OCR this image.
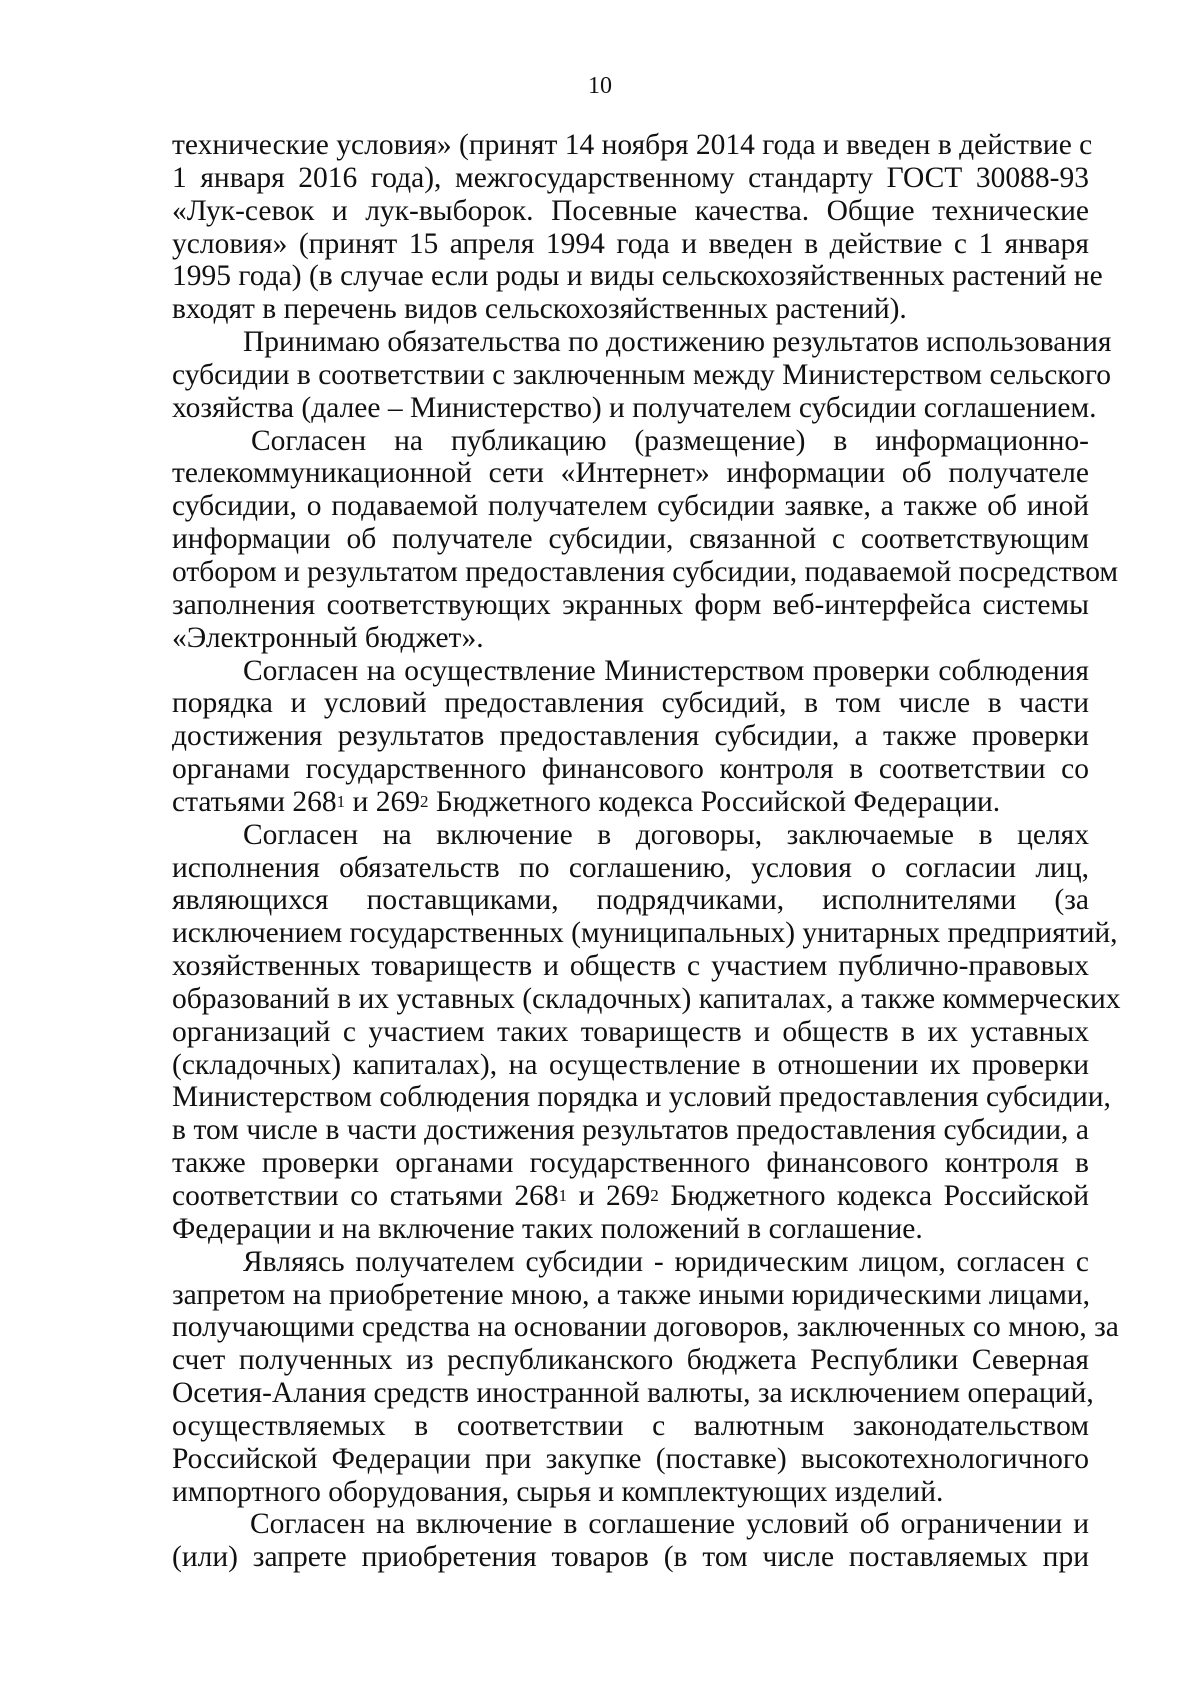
10
технические условия» (принят 14 ноября 2014 года и введен в действие с
1 января 2016 года), межгосударственному стандарту ГОСТ 30088-93
«Лук-севок и лук-выборок. Посевные качества. Общие технические
условия» (принят 15 апреля 1994 года и введен в действие с 1 января
1995 года) (в случае если роды и виды сельскохозяйственных растений не
входят в перечень видов сельскохозяйственных растений).
Принимаю обязательства по достижению результатов использования
субсидии в соответствии с заключенным между Министерством сельского
хозяйства (далее – Министерство) и получателем субсидии соглашением.
Согласен на публикацию (размещение) в информационно-
телекоммуникационной сети «Интернет» информации об получателе
субсидии, о подаваемой получателем субсидии заявке, а также об иной
информации об получателе субсидии, связанной с соответствующим
отбором и результатом предоставления субсидии, подаваемой посредством
заполнения соответствующих экранных форм веб-интерфейса системы
«Электронный бюджет».
Согласен на осуществление Министерством проверки соблюдения
порядка и условий предоставления субсидий, в том числе в части
достижения результатов предоставления субсидии, а также проверки
органами государственного финансового контроля в соответствии со
статьями $268^1$ и $269^2$ Бюджетного кодекса Российской Федерации.
Согласен на включение в договоры, заключаемые в целях
исполнения обязательств по соглашению, условия о согласии лиц,
являющихся поставщиками, подрядчиками, исполнителями (за
исключением государственных (муниципальных) унитарных предприятий,
хозяйственных товариществ и обществ с участием публично-правовых
образований в их уставных (складочных) капиталах, а также коммерческих
организаций с участием таких товариществ и обществ в их уставных
(складочных) капиталах), на осуществление в отношении их проверки
Министерством соблюдения порядка и условий предоставления субсидии,
в том числе в части достижения результатов предоставления субсидии, а
также проверки органами государственного финансового контроля в
соответствии со статьями $268^1$ и $269^2$ Бюджетного кодекса Российской
Федерации и на включение таких положений в соглашение.
Являясь получателем субсидии - юридическим лицом, согласен с
запретом на приобретение мною, а также иными юридическими лицами,
получающими средства на основании договоров, заключенных со мною, за
счет полученных из республиканского бюджета Республики Северная
Осетия-Алания средств иностранной валюты, за исключением операций,
осуществляемых в соответствии с валютным законодательством
Российской Федерации при закупке (поставке) высокотехнологичного
импортного оборудования, сырья и комплектующих изделий.
Согласен на включение в соглашение условий об ограничении и
(или) запрете приобретения товаров (в том числе поставляемых при
